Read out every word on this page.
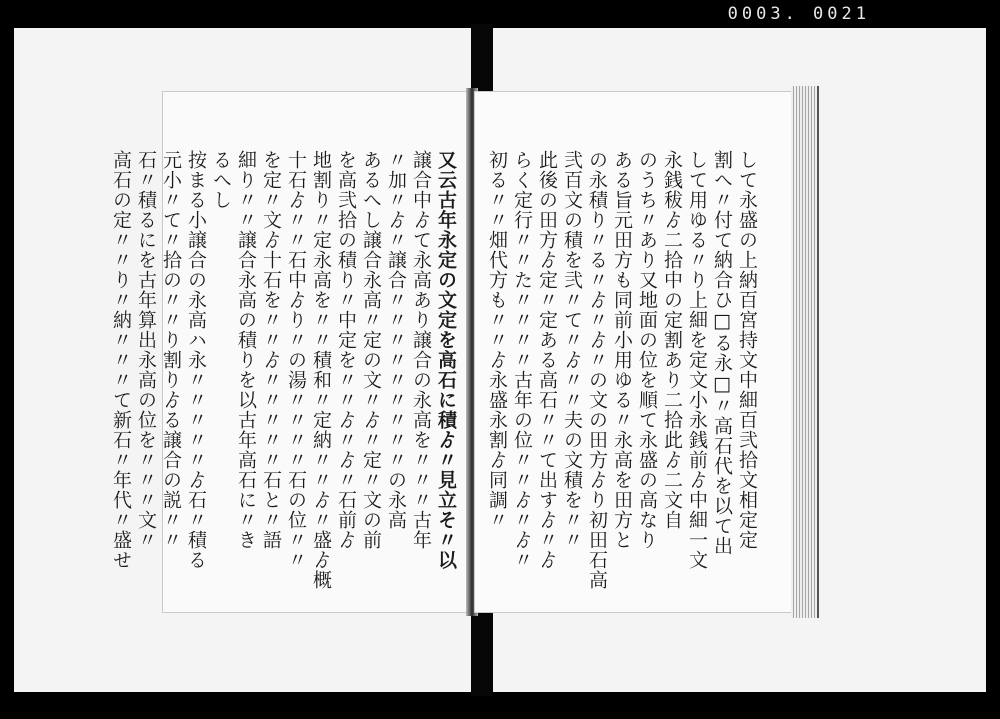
0003. 0021
又云古年永定の文定を高石に積ゟ〃見立そ〃以
譲合中ゟて永高あり譲合の永高を〃〃〃古年
〃加〃ゟ〃譲合〃〃〃〃〃〃〃〃〃の永高
あるへし譲合永高〃定の文〃ゟ〃定〃文の前
を高弐拾の積り〃中定を〃〃ゟ〃ゟ〃石前ゟ
地割り〃定永高を〃〃積和〃定納〃〃ゟ〃盛ゟ概
十石ゟ〃〃石中ゟり〃の湯〃〃〃〃石の位〃〃
を定〃文ゟ十石を〃〃ゟ〃〃〃〃〃石と〃語
細り〃〃譲合永高の積りを以古年高石に〃き
るへし
按まる小譲合の永高ハ永〃〃〃〃〃ゟ石〃積る
元小〃て〃拾の〃〃り割りゟる譲合の説〃〃
石〃積るにを古年算出永高の位を〃〃〃文〃
高石の定〃〃り〃納〃〃〃て新石〃年代〃盛せ	して永盛の上納百宮持文中細百弐拾文相定定
割へ〃付て納合ひ□る永□〃高石代を以て出
して用ゆる〃り上細を定文小永銭前ゟ中細一文
永銭秡ゟ二拾中の定割あり二拾此ゟ二文自
のうち〃あり又地面の位を順て永盛の高なり
ある旨元田方も同前小用ゆる〃永高を田方と
の永積り〃る〃ゟ〃ゟ〃の文の田方ゟり初田石高
弐百文の積を弐〃て〃ゟ〃〃夫の文積を〃〃
此後の田方ゟ定〃定ある高石〃〃て出すゟ〃ゟ
らく定行〃〃た〃〃〃〃古年の位〃〃ゟ〃ゟ〃
初る〃〃畑代方も〃〃ゟ永盛永割ゟ同調〃
